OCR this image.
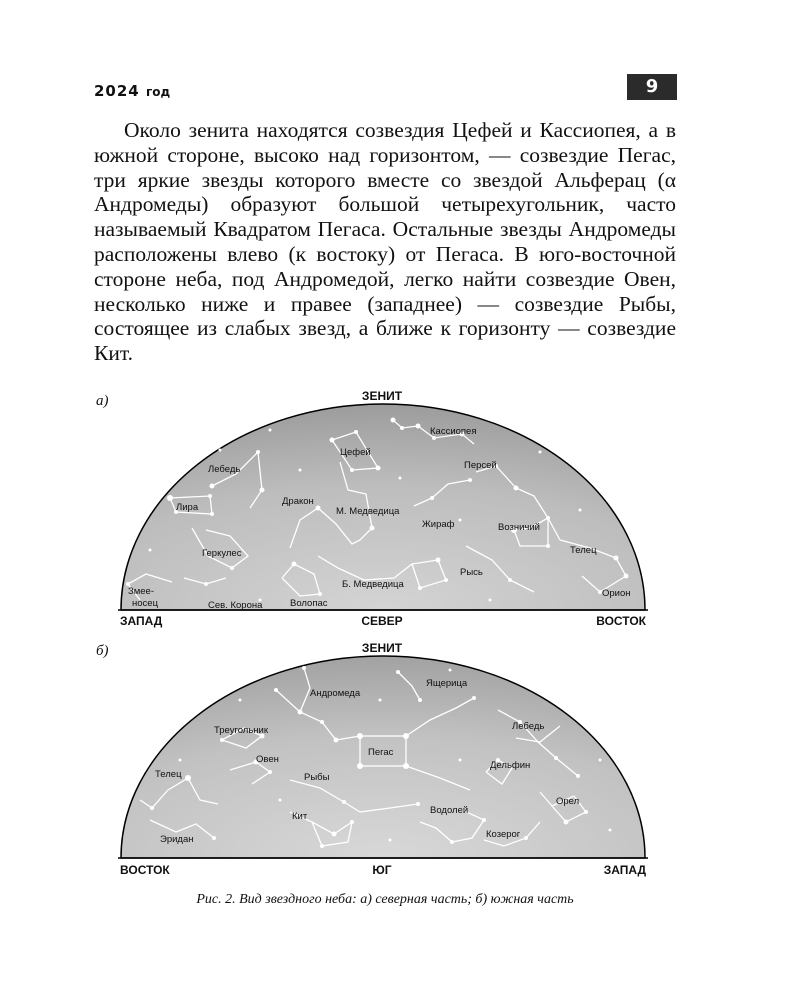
2024 год	9

Около зенита находятся созвездия Цефей и Кассиопея, а в южной стороне, высоко над горизонтом, — созвездие Пегас, три яркие звезды которого вместе со звездой Альферац (α Андромеды) образуют большой четырехугольник, часто называемый Квадратом Пегаса. Остальные звезды Андромеды расположены влево (к востоку) от Пегаса. В юго-восточной стороне неба, под Андромедой, легко найти созвездие Овен, несколько ниже и правее (западнее) — созвездие Рыбы, состоящее из слабых звезд, а ближе к горизонту — созвездие Кит.

а)
б)
ЗЕНИТ
ЗАПАД	СЕВЕР	ВОСТОК
Кассиопея
Цефей
Лебедь	Персей
Дракон
Лира	М. Медведица
Жираф	Возничий
Геркулес	Телец
Рысь
Змее-
носец
Б. Медведица
Орион
Сев. Корона	Волопас
ЗЕНИТ
ВОСТОК	ЮГ	ЗАПАД
Андромеда
Ящерица
Треугольник	Лебедь
Пегас
Овен
Телец	Рыбы
Дельфин
Орел
Кит
Водолей
Эридан	Козерог
Рис. 2. Вид звездного неба: а) северная часть; б) южная часть
